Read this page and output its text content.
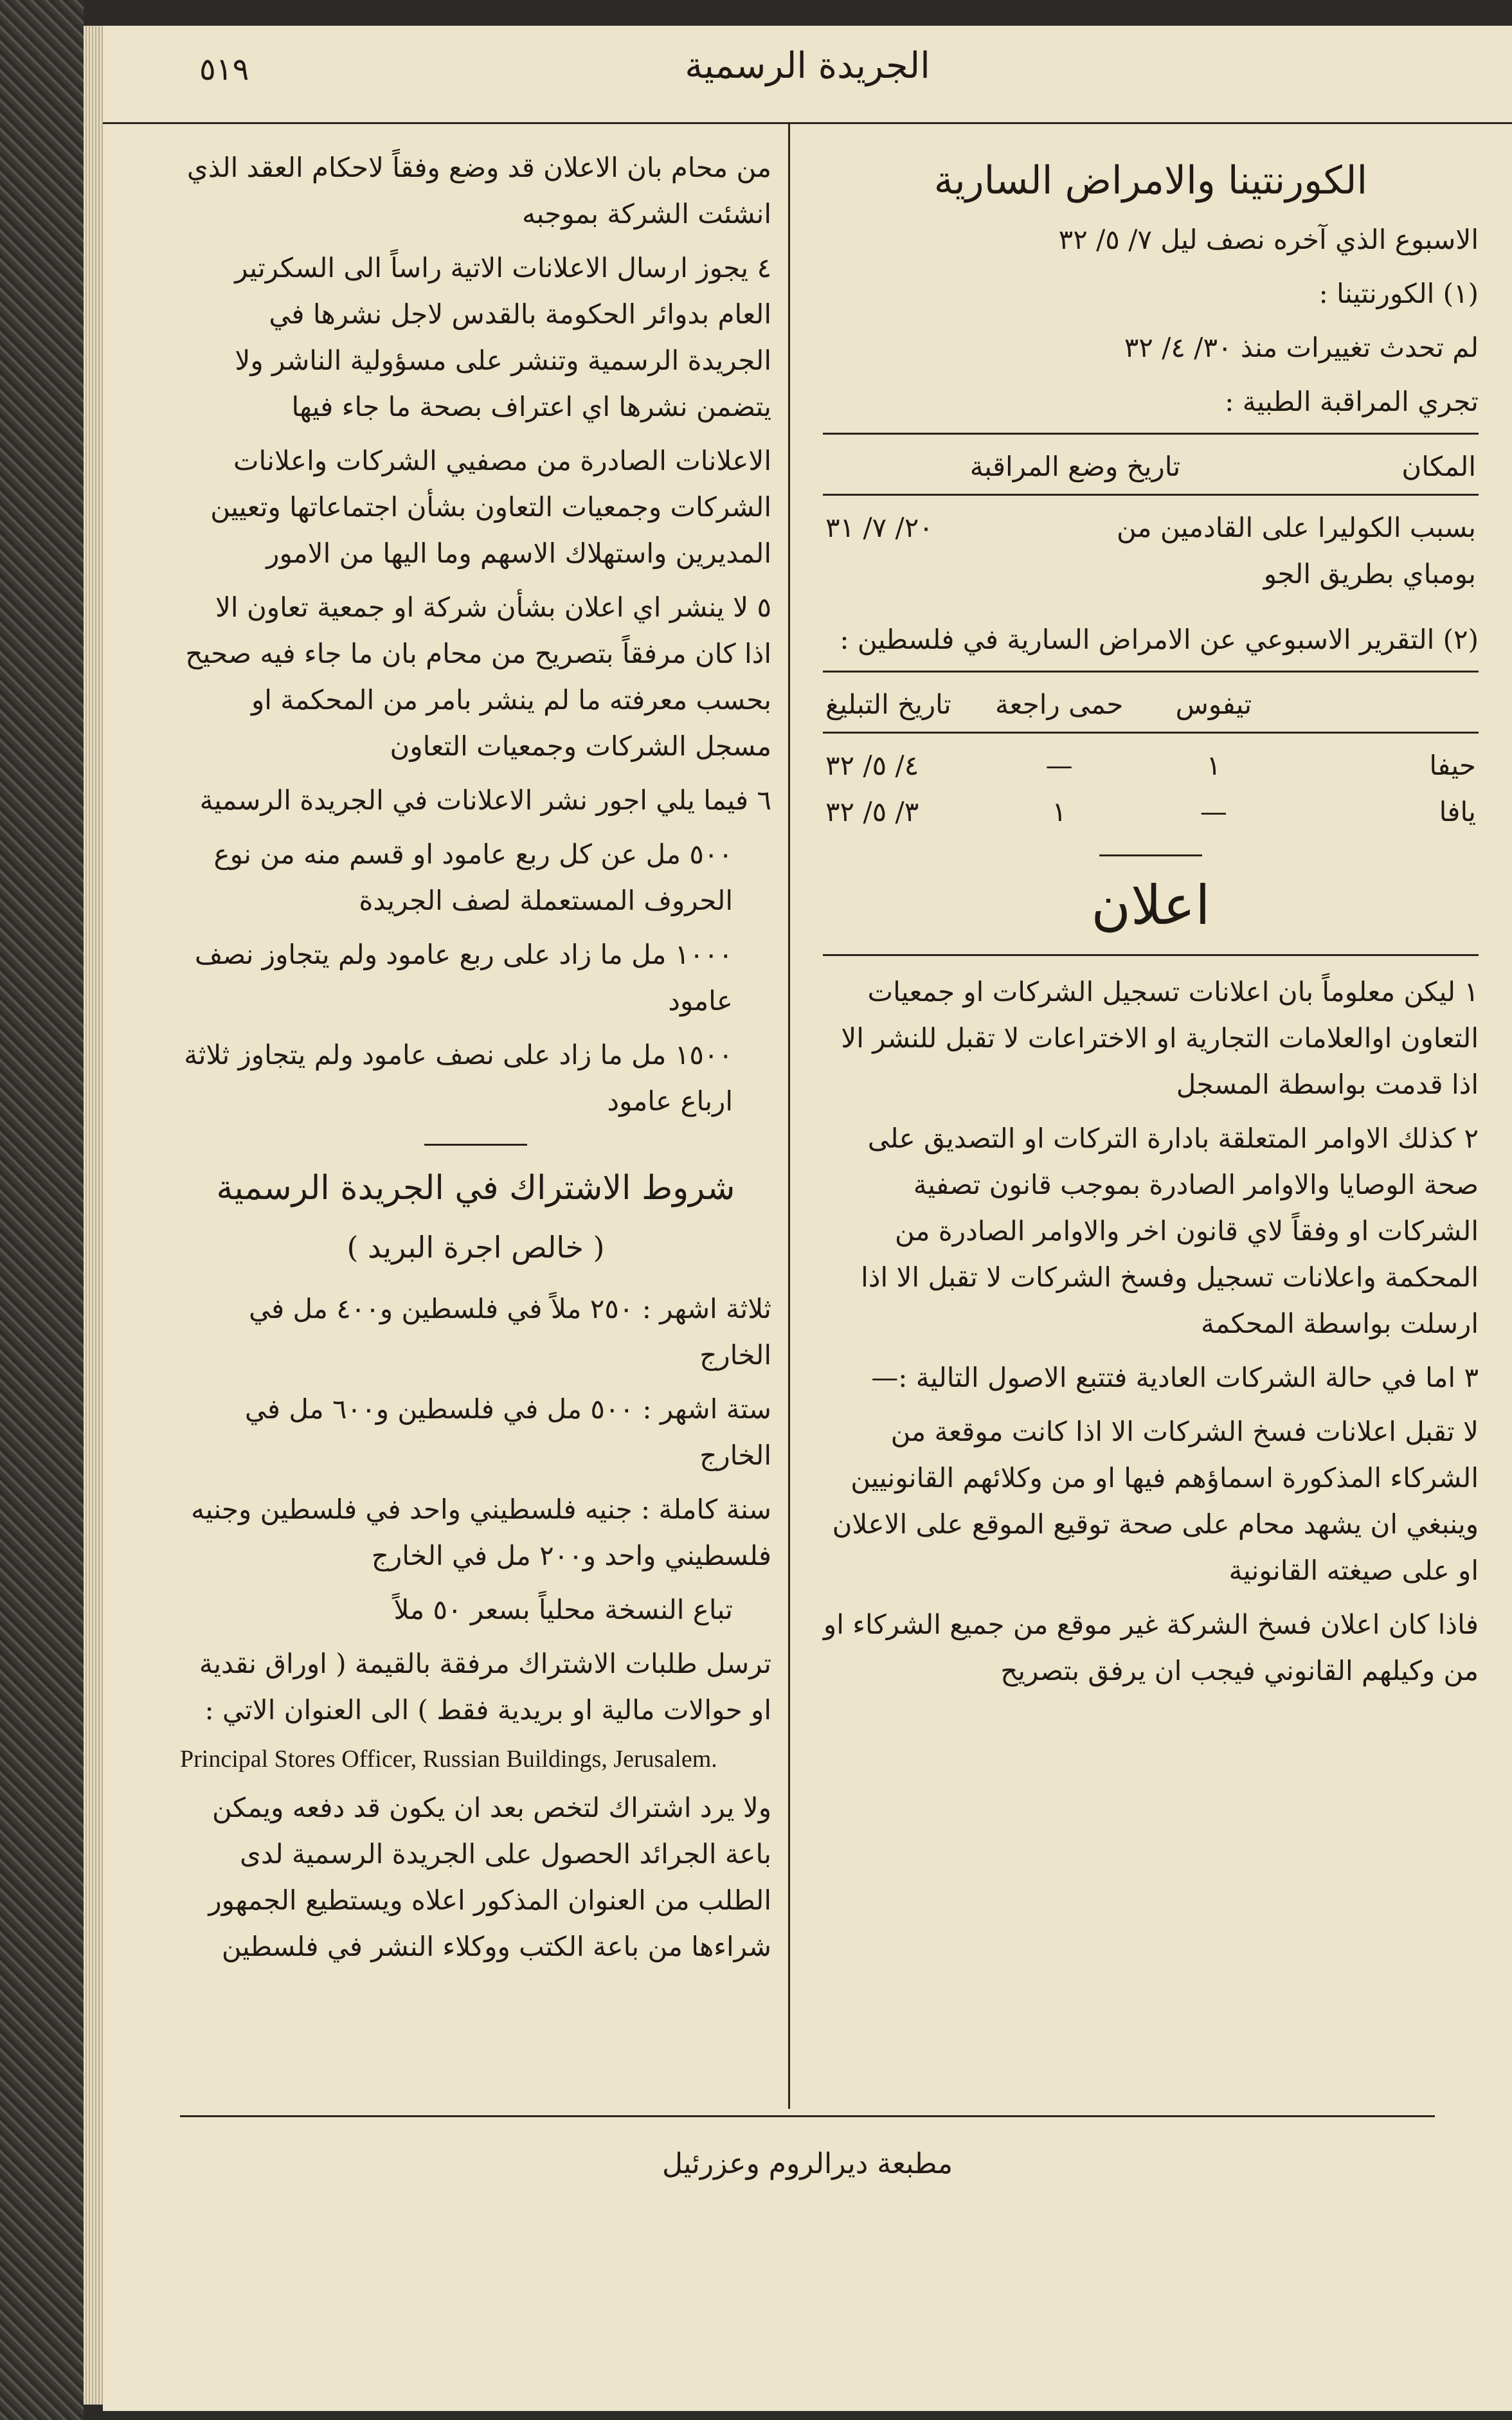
٥١٩	الجريدة الرسمية
الكورنتينا والامراض السارية

الاسبوع الذي آخره نصف ليل ٧/ ٥/ ٣٢

(١) الكورنتينا :

لم تحدث تغييرات منذ ٣٠/ ٤/ ٣٢

تجري المراقبة الطبية :

المكان
تاريخ وضع المراقبة
بسبب الكوليرا على القادمين من بومباي بطريق الجو
٢٠/ ٧/ ٣١

(٢) التقرير الاسبوعي عن الامراض السارية في فلسطين :

تيفوس
حمى راجعة
تاريخ التبليغ
حيفا
١
—
٤/ ٥/ ٣٢
يافا
—
١
٣/ ٥/ ٣٢
اعلان

١ ليكن معلوماً بان اعلانات تسجيل الشركات او جمعيات التعاون اوالعلامات التجارية او الاختراعات لا تقبل للنشر الا اذا قدمت بواسطة المسجل

٢ كذلك الاوامر المتعلقة بادارة التركات او التصديق على صحة الوصايا والاوامر الصادرة بموجب قانون تصفية الشركات او وفقاً لاي قانون اخر والاوامر الصادرة من المحكمة واعلانات تسجيل وفسخ الشركات لا تقبل الا اذا ارسلت بواسطة المحكمة

٣ اما في حالة الشركات العادية فتتبع الاصول التالية :—

لا تقبل اعلانات فسخ الشركات الا اذا كانت موقعة من الشركاء المذكورة اسماؤهم فيها او من وكلائهم القانونيين وينبغي ان يشهد محام على صحة توقيع الموقع على الاعلان او على صيغته القانونية

فاذا كان اعلان فسخ الشركة غير موقع من جميع الشركاء او من وكيلهم القانوني فيجب ان يرفق بتصريح

من محام بان الاعلان قد وضع وفقاً لاحكام العقد الذي انشئت الشركة بموجبه

٤ يجوز ارسال الاعلانات الاتية راساً الى السكرتير العام بدوائر الحكومة بالقدس لاجل نشرها في الجريدة الرسمية وتنشر على مسؤولية الناشر ولا يتضمن نشرها اي اعتراف بصحة ما جاء فيها

الاعلانات الصادرة من مصفيي الشركات واعلانات الشركات وجمعيات التعاون بشأن اجتماعاتها وتعيين المديرين واستهلاك الاسهم وما اليها من الامور

٥ لا ينشر اي اعلان بشأن شركة او جمعية تعاون الا اذا كان مرفقاً بتصريح من محام بان ما جاء فيه صحيح بحسب معرفته ما لم ينشر بامر من المحكمة او مسجل الشركات وجمعيات التعاون

٦ فيما يلي اجور نشر الاعلانات في الجريدة الرسمية

٥٠٠ مل عن كل ربع عامود او قسم منه من نوع الحروف المستعملة لصف الجريدة

١٠٠٠ مل ما زاد على ربع عامود ولم يتجاوز نصف عامود

١٥٠٠ مل ما زاد على نصف عامود ولم يتجاوز ثلاثة ارباع عامود

شروط الاشتراك في الجريدة الرسمية
( خالص اجرة البريد )

ثلاثة اشهر : ٢٥٠ ملاً في فلسطين و٤٠٠ مل في الخارج

ستة اشهر : ٥٠٠ مل في فلسطين و٦٠٠ مل في الخارج

سنة كاملة : جنيه فلسطيني واحد في فلسطين وجنيه فلسطيني واحد و٢٠٠ مل في الخارج

تباع النسخة محلياً بسعر ٥٠ ملاً

ترسل طلبات الاشتراك مرفقة بالقيمة ( اوراق نقدية او حوالات مالية او بريدية فقط ) الى العنوان الاتي :

Principal Stores Officer, Russian Buildings, Jerusalem.

ولا يرد اشتراك لتخص بعد ان يكون قد دفعه ويمكن باعة الجرائد الحصول على الجريدة الرسمية لدى الطلب من العنوان المذكور اعلاه ويستطيع الجمهور شراءها من باعة الكتب ووكلاء النشر في فلسطين

مطبعة ديرالروم وعزرئيل
